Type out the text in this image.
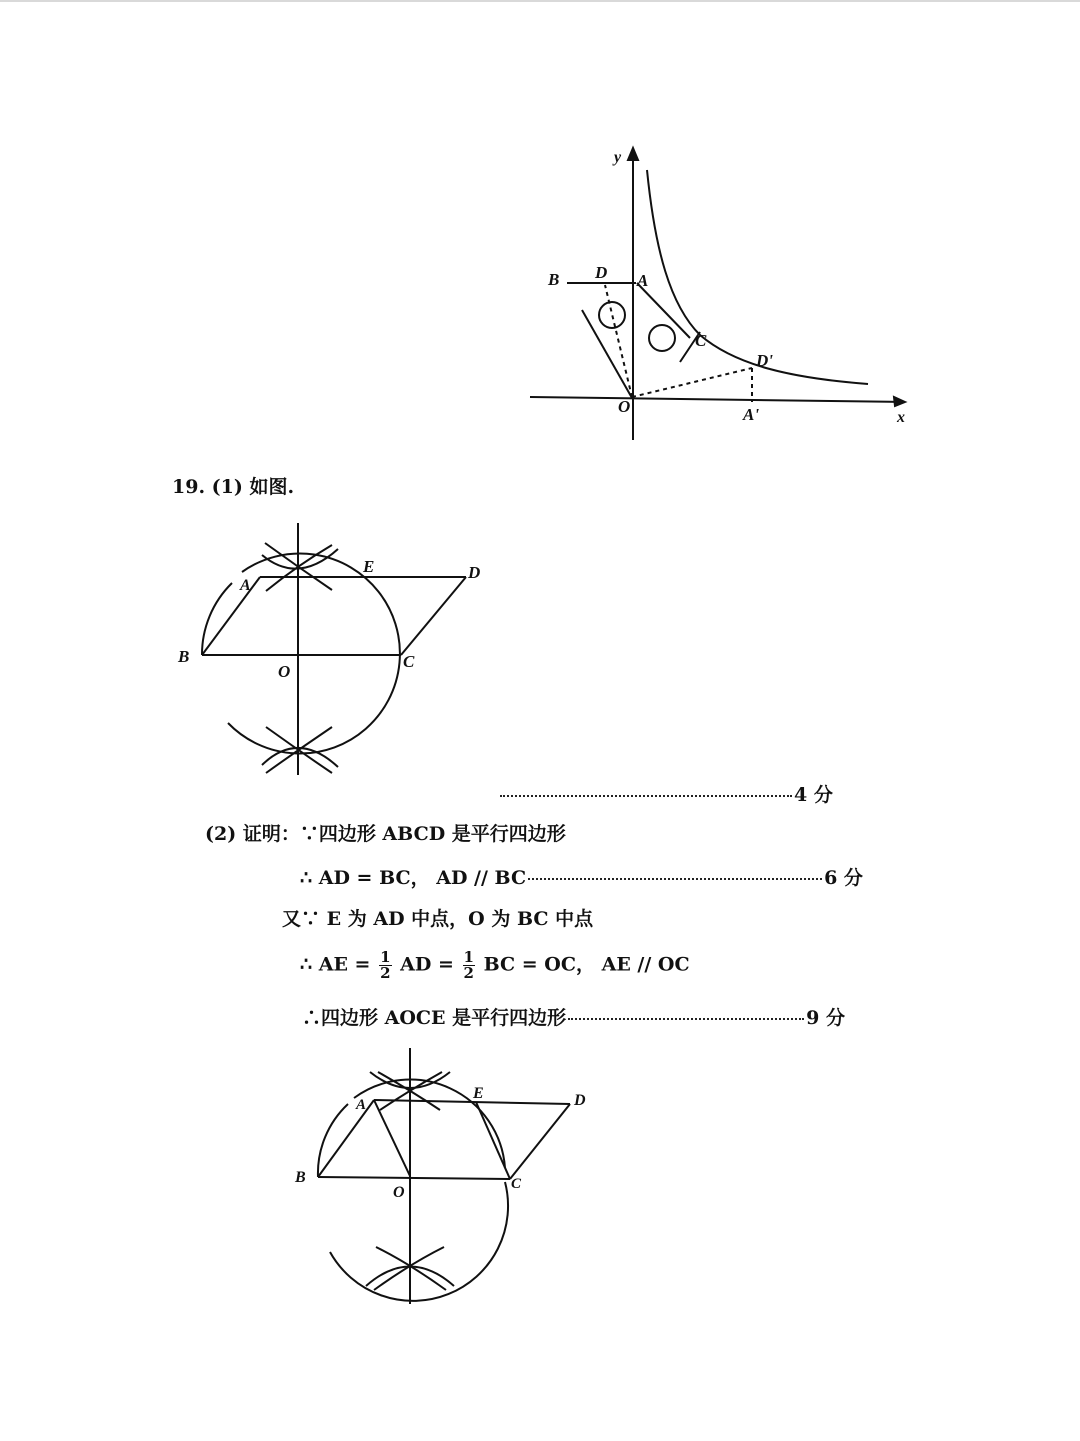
y
x
O
B D A
C
D'
A'
19. (1) 如图.
A
E	D
B
O
C
4 分
(2) 证明：∵四边形 ABCD 是平行四边形
∴ AD = BC， AD // BC	6 分
又∵ E 为 AD 中点，O 为 BC 中点
∴ AE = $\frac{1}{2}$ AD = $\frac{1}{2}$ BC = OC， AE // OC
∴四边形 AOCE 是平行四边形	9 分
A
E	D
B
O	C
